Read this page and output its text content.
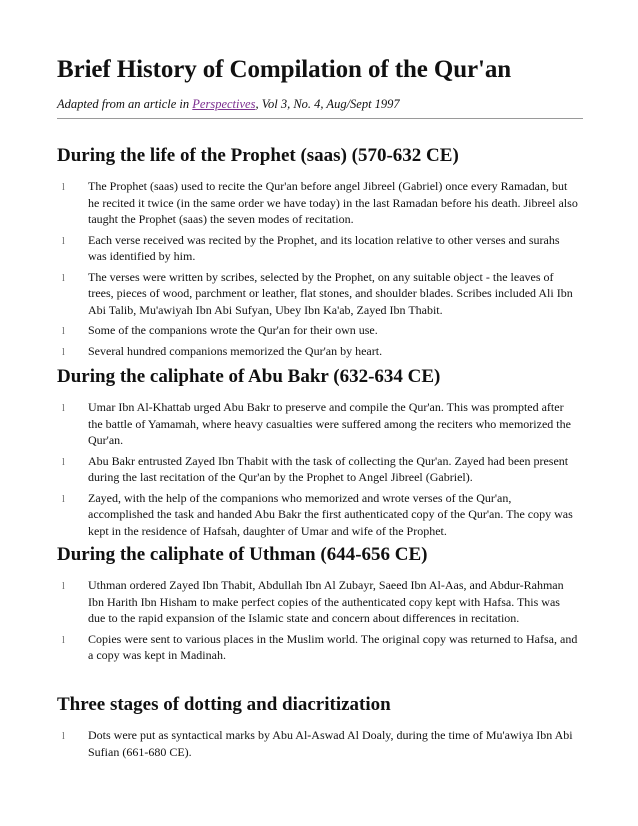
Brief History of Compilation of the Qur'an

Adapted from an article in Perspectives, Vol 3, No. 4, Aug/Sept 1997

During the life of the Prophet (saas) (570-632 CE)
l The Prophet (saas) used to recite the Qur'an before angel Jibreel (Gabriel) once every Ramadan, but he recited it twice (in the same order we have today) in the last Ramadan before his death. Jibreel also taught the Prophet (saas) the seven modes of recitation.
l Each verse received was recited by the Prophet, and its location relative to other verses and surahs was identified by him.
l The verses were written by scribes, selected by the Prophet, on any suitable object - the leaves of trees, pieces of wood, parchment or leather, flat stones, and shoulder blades. Scribes included Ali Ibn Abi Talib, Mu'awiyah Ibn Abi Sufyan, Ubey Ibn Ka'ab, Zayed Ibn Thabit.
l Some of the companions wrote the Qur'an for their own use.
l Several hundred companions memorized the Qur'an by heart.
During the caliphate of Abu Bakr (632-634 CE)
l Umar Ibn Al-Khattab urged Abu Bakr to preserve and compile the Qur'an. This was prompted after the battle of Yamamah, where heavy casualties were suffered among the reciters who memorized the Qur'an.
l Abu Bakr entrusted Zayed Ibn Thabit with the task of collecting the Qur'an. Zayed had been present during the last recitation of the Qur'an by the Prophet to Angel Jibreel (Gabriel).
l Zayed, with the help of the companions who memorized and wrote verses of the Qur'an, accomplished the task and handed Abu Bakr the first authenticated copy of the Qur'an. The copy was kept in the residence of Hafsah, daughter of Umar and wife of the Prophet.
During the caliphate of Uthman (644-656 CE)
l Uthman ordered Zayed Ibn Thabit, Abdullah Ibn Al Zubayr, Saeed Ibn Al-Aas, and Abdur-Rahman Ibn Harith Ibn Hisham to make perfect copies of the authenticated copy kept with Hafsa. This was due to the rapid expansion of the Islamic state and concern about differences in recitation.
l Copies were sent to various places in the Muslim world. The original copy was returned to Hafsa, and a copy was kept in Madinah.
Three stages of dotting and diacritization
l Dots were put as syntactical marks by Abu Al-Aswad Al Doaly, during the time of Mu'awiya Ibn Abi Sufian (661-680 CE).
